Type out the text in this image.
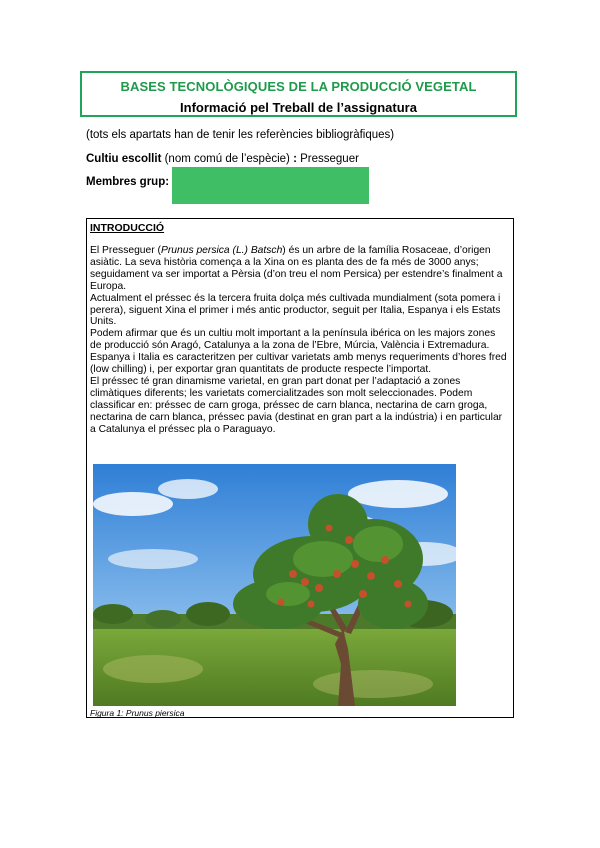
BASES TECNOLÒGIQUES DE LA PRODUCCIÓ VEGETAL
Informació pel Treball de l’assignatura
(tots els apartats han de tenir les referències bibliogràfiques)
Cultiu escollit (nom comú de l’espècie) : Presseguer
Membres grup:
INTRODUCCIÓ

El Presseguer (Prunus persica (L.) Batsch) és un arbre de la família Rosaceae, d’origen asiàtic. La seva història comença a la Xina on es planta des de fa més de 3000 anys; seguidament va ser importat a Pèrsia (d’on treu el nom Persica) per estendre’s finalment a Europa.

Actualment el préssec és la tercera fruita dolça més cultivada mundialment (sota pomera i perera), siguent Xina el primer i més antic productor, seguit per Italia, Espanya i els Estats Units.

Podem afirmar que és un cultiu molt important a la península ibérica on les majors zones de producció són Aragó, Catalunya a la zona de l’Ebre, Múrcia, València i Extremadura. Espanya i Italia es caracteritzen per cultivar varietats amb menys requeriments d’hores fred (low chilling) i, per exportar gran quantitats de producte respecte l’importat.

El préssec té gran dinamisme varietal, en gran part donat per l’adaptació a zones climàtiques diferents; les varietats comercialitzades son molt seleccionades. Podem classificar en: préssec de carn groga, préssec de carn blanca, nectarina de carn groga, nectarina de carn blanca, préssec pavia (destinat en gran part a la indústria) i en particular a Catalunya el préssec pla o Paraguayo.

Figura 1: Prunus piersica
